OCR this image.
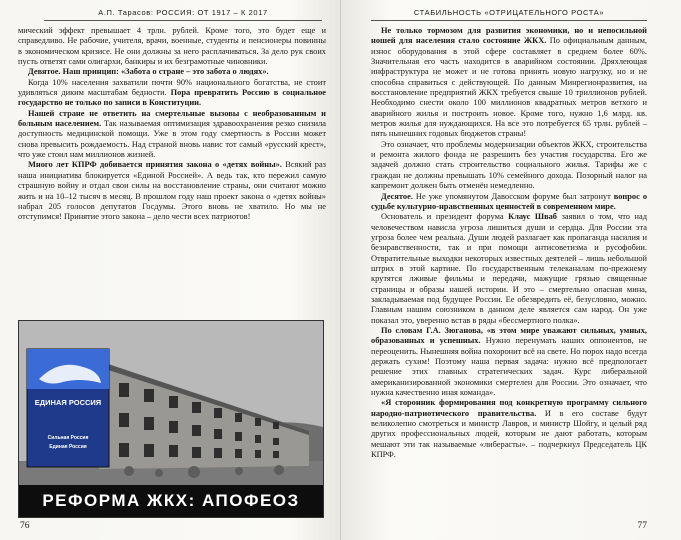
А.П. Тарасов: РОССИЯ: ОТ 1917 – К 2017

мический эффект превышает 4 трлн. рублей. Кроме того, это будет еще и справедливо. Не рабочие, учителя, врачи, военные, студенты и пенсионеры повинны в экономическом кризисе. Не они должны за него расплачиваться. За дело рук своих пусть ответят сами олигархи, банкиры и их безграмотные чиновники.

Девятое. Наш принцип: «Забота о стране – это забота о людях».

Когда 10% населения захватили почти 90% национального богатства, не стоит удивляться диким масштабам бедности. Пора превратить Россию в социальное государство не только по записи в Конституции.

Нашей стране не ответить на смертельные вызовы с необразованным и больным населением. Так называемая оптимизация здравоохранения резко снизила доступность медицинской помощи. Уже в этом году смертность в России может снова превысить рождаемость. Над страной вновь навис тот самый «русский крест», что уже стоил нам миллионов жизней.

Много лет КПРФ добивается принятия закона о «детях войны». Всякий раз наша инициатива блокируется «Единой Россией». А ведь так, кто пережил самую страшную войну и отдал свои силы на восстановление страны, они считают можно жить и на 10–12 тысяч в месяц. В прошлом году наш проект закона о «детях войны» набрал 205 голосов депутатов Госдумы. Этого вновь не хватило. Но мы не отступимся! Принятие этого закона – дело чести всех патриотов!

ЕДИНАЯ РОССИЯ
Сильная Россия
Единая Россия
РЕФОРМА ЖКХ: АПОФЕОЗ
76
СТАБИЛЬНОСТЬ «ОТРИЦАТЕЛЬНОГО РОСТА»

Не только тормозом для развития экономики, но и непосильной ношей для населения стало состояние ЖКХ. По официальным данным, износ оборудования в этой сфере составляет в среднем более 60%. Значительная его часть находится в аварийном состоянии. Дряхлеющая инфраструктура не может и не готова принять новую нагрузку, но и не способна справиться с действующей. По данным Минрегионразвития, на восстановление предприятий ЖКХ требуется свыше 10 триллионов рублей. Необходимо снести около 100 миллионов квадратных метров ветхого и аварийного жилья и построить новое. Кроме того, нужно 1,6 млрд. кв. метров жилья для нуждающихся. На все это потребуется 65 трлн. рублей – пять нынешних годовых бюджетов страны!

Это означает, что проблемы модернизации объектов ЖКХ, строительства и ремонта жилого фонда не разрешить без участия государства. Его же задачей должно стать строительство социального жилья. Тарифы же с граждан не должны превышать 10% семейного дохода. Позорный налог на капремонт должен быть отменён немедленно.

Десятое. Не уже упомянутом Давосском форуме был затронут вопрос о судьбе культурно-нравственных ценностей в современном мире.

Основатель и президент форума Клаус Шваб заявил о том, что над человечеством нависла угроза лишиться души и сердца. Для России эта угроза более чем реальна. Души людей разлагает как пропаганда насилия и безнравственности, так и при помощи антисоветизма и русофобии. Отвратительные выходки некоторых известных деятелей – лишь небольшой штрих в этой картине. По государственным телеканалам по-прежнему крутятся лживые фильмы и передачи, мажущие грязью священные страницы и образы нашей истории. И это – смертельно опасная мина, закладываемая под будущее России. Ее обезвредить её, безусловно, можно. Главным нашим союзником в данном деле является сам народ. Он уже показал это, уверенно встав в ряды «бессмертного полка».

По словам Г.А. Зюганова, «в этом мире уважают сильных, умных, образованных и успешных. Нужно перенумать наших оппонентов, не переоценить. Нынешняя война похоронит всё на свете. Но порох надо всегда держать сухим! Поэтому наша первая задача: нужно всё предпологает решение этих главных стратегических задач. Курс либеральной американизированной экономики смертелен для России. Это означает, что нужна качественно иная команда».

«Я сторонник формирования под конкретную программу сильного народно-патриотического правительства. И в его составе будут великолепно смотреться и министр Лавров, и министр Шойгу, и целый ряд других профессиональных людей, которым не дают работать, которым мешают эти так называемые «либерасты». – подчеркнул Председатель ЦК КПРФ.

77
